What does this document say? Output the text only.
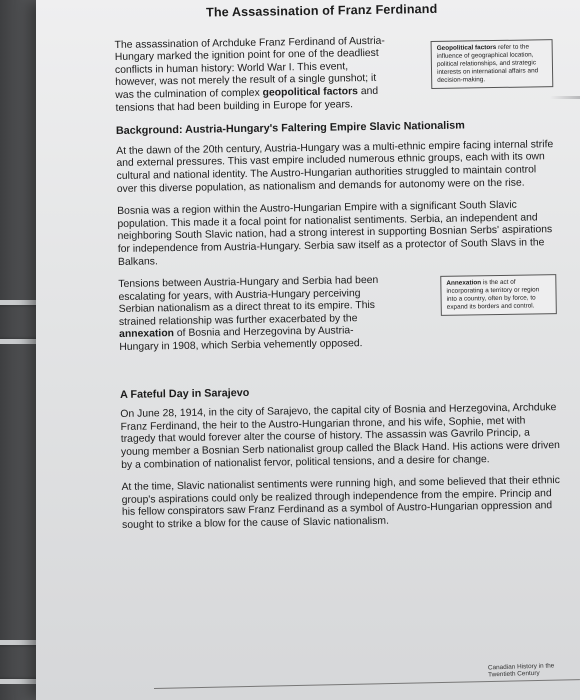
The Assassination of Franz Ferdinand

The assassination of Archduke Franz Ferdinand of Austria-Hungary marked the ignition point for one of the deadliest conflicts in human history: World War I. This event, however, was not merely the result of a single gunshot; it was the culmination of complex geopolitical factors and tensions that had been building in Europe for years.

Geopolitical factors refer to the influence of geographical location, political relationships, and strategic interests on international affairs and decision-making.
Background: Austria-Hungary's Faltering Empire Slavic Nationalism

At the dawn of the 20th century, Austria-Hungary was a multi-ethnic empire facing internal strife and external pressures. This vast empire included numerous ethnic groups, each with its own cultural and national identity. The Austro-Hungarian authorities struggled to maintain control over this diverse population, as nationalism and demands for autonomy were on the rise.

Bosnia was a region within the Austro-Hungarian Empire with a significant South Slavic population. This made it a focal point for nationalist sentiments. Serbia, an independent and neighboring South Slavic nation, had a strong interest in supporting Bosnian Serbs' aspirations for independence from Austria-Hungary. Serbia saw itself as a protector of South Slavs in the Balkans.

Tensions between Austria-Hungary and Serbia had been escalating for years, with Austria-Hungary perceiving Serbian nationalism as a direct threat to its empire. This strained relationship was further exacerbated by the annexation of Bosnia and Herzegovina by Austria-Hungary in 1908, which Serbia vehemently opposed.

Annexation is the act of incorporating a territory or region into a country, often by force, to expand its borders and control.
A Fateful Day in Sarajevo

On June 28, 1914, in the city of Sarajevo, the capital city of Bosnia and Herzegovina, Archduke Franz Ferdinand, the heir to the Austro-Hungarian throne, and his wife, Sophie, met with tragedy that would forever alter the course of history. The assassin was Gavrilo Princip, a young member a Bosnian Serb nationalist group called the Black Hand. His actions were driven by a combination of nationalist fervor, political tensions, and a desire for change.

At the time, Slavic nationalist sentiments were running high, and some believed that their ethnic group's aspirations could only be realized through independence from the empire. Princip and his fellow conspirators saw Franz Ferdinand as a symbol of Austro-Hungarian oppression and sought to strike a blow for the cause of Slavic nationalism.

Canadian History in the Twentieth Century
